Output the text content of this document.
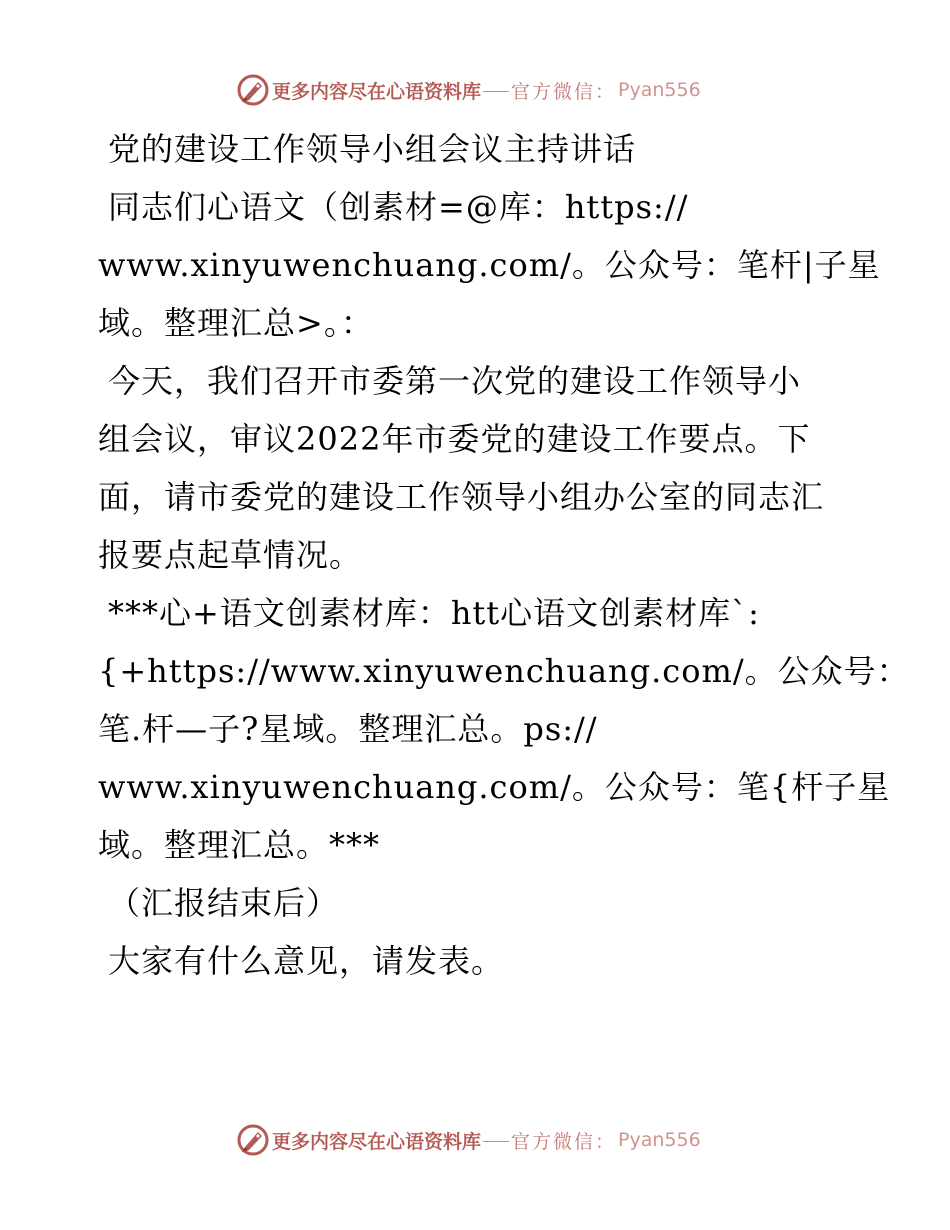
更多内容尽在心语资料库 官方微信： Pyan556
党的建设工作领导小组会议主持讲话
同志们心语文（创素材=@库：https://
www.xinyuwenchuang.com/。公众号：笔杆|子星
域。整理汇总>。：
今天，我们召开市委第一次党的建设工作领导小
组会议，审议2022年市委党的建设工作要点。下
面，请市委党的建设工作领导小组办公室的同志汇
报要点起草情况。
***心+语文创素材库：htt心语文创素材库`:
{+https://www.xinyuwenchuang.com/。公众号：
笔.杆—子?星域。整理汇总。ps://
www.xinyuwenchuang.com/。公众号：笔{杆子星
域。整理汇总。***
（汇报结束后）
大家有什么意见，请发表。
更多内容尽在心语资料库 官方微信： Pyan556
